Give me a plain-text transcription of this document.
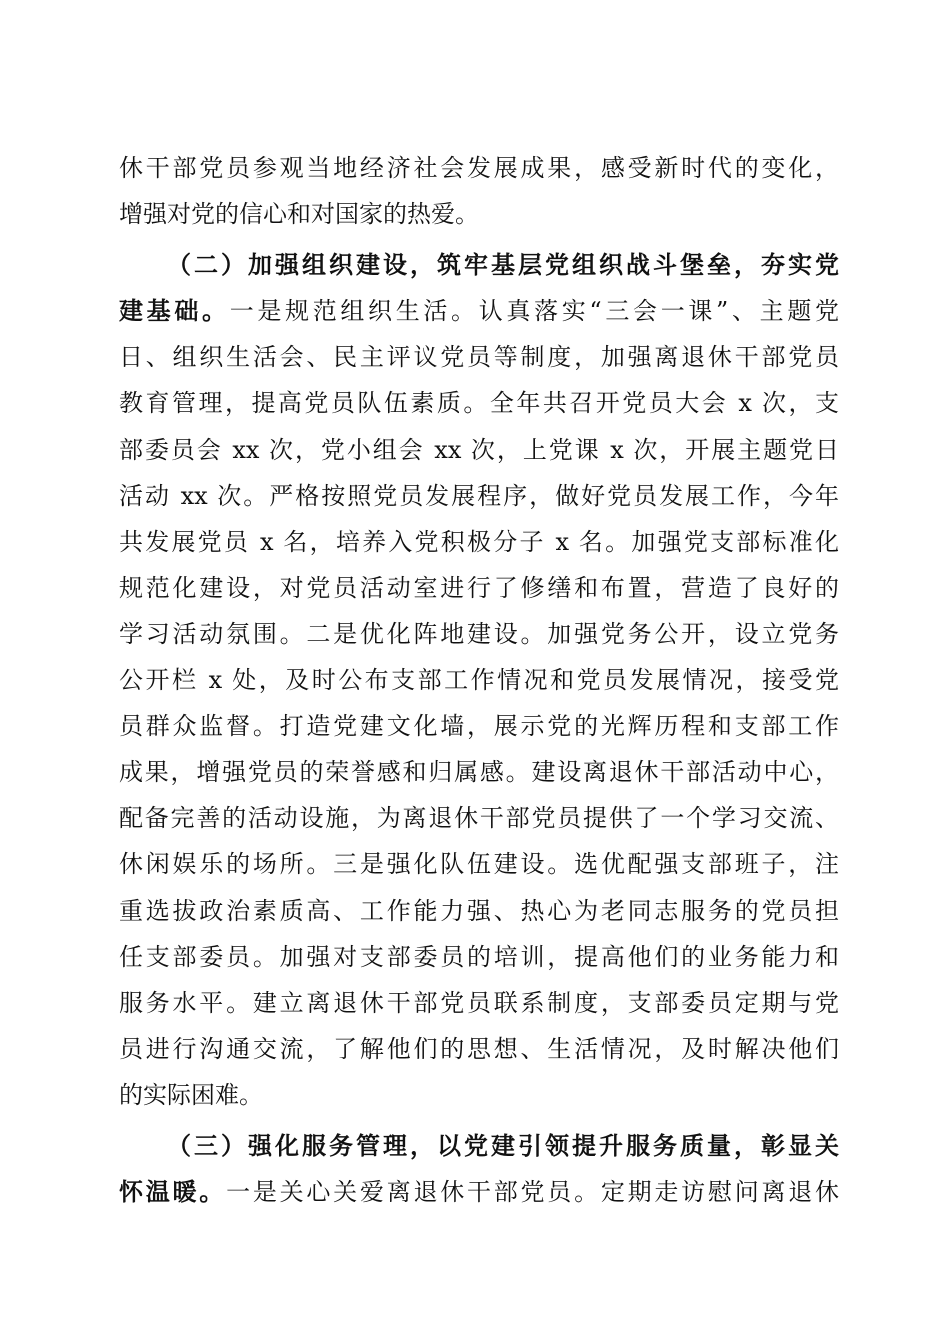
休干部党员参观当地经济社会发展成果，感受新时代的变化，
增强对党的信心和对国家的热爱。
（二）加强组织建设，筑牢基层党组织战斗堡垒，夯实党
建基础。一是规范组织生活。认真落实“三会一课”、主题党
日、组织生活会、民主评议党员等制度，加强离退休干部党员
教育管理，提高党员队伍素质。全年共召开党员大会 x 次，支
部委员会 xx 次，党小组会 xx 次，上党课 x 次，开展主题党日
活动 xx 次。严格按照党员发展程序，做好党员发展工作，今年
共发展党员 x 名，培养入党积极分子 x 名。加强党支部标准化
规范化建设，对党员活动室进行了修缮和布置，营造了良好的
学习活动氛围。二是优化阵地建设。加强党务公开，设立党务
公开栏 x 处，及时公布支部工作情况和党员发展情况，接受党
员群众监督。打造党建文化墙，展示党的光辉历程和支部工作
成果，增强党员的荣誉感和归属感。建设离退休干部活动中心，
配备完善的活动设施，为离退休干部党员提供了一个学习交流、
休闲娱乐的场所。三是强化队伍建设。选优配强支部班子，注
重选拔政治素质高、工作能力强、热心为老同志服务的党员担
任支部委员。加强对支部委员的培训，提高他们的业务能力和
服务水平。建立离退休干部党员联系制度，支部委员定期与党
员进行沟通交流，了解他们的思想、生活情况，及时解决他们
的实际困难。
（三）强化服务管理，以党建引领提升服务质量，彰显关
怀温暖。一是关心关爱离退休干部党员。定期走访慰问离退休
